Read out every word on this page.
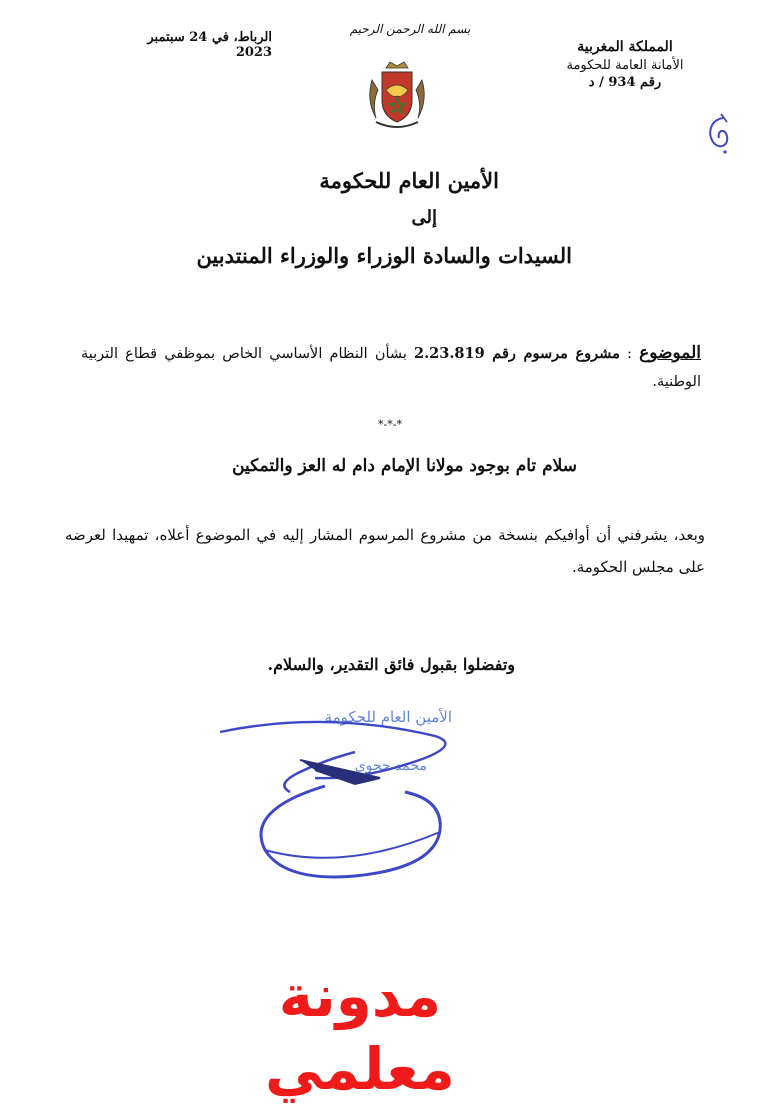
المملكة المغربية
الأمانة العامة للحكومة
رقم 934 / د
بسم الله الرحمن الرحيم
الرباط، في 24 سبتمبر 2023
الأمين العام للحكومة
إلى
السيدات والسادة الوزراء والوزراء المنتدبين
الموضوع : مشروع مرسوم رقم 2.23.819 بشأن النظام الأساسي الخاص بموظفي قطاع التربية الوطنية.
*-*-*
سلام تام بوجود مولانا الإمام دام له العز والتمكين
وبعد، يشرفني أن أوافيكم بنسخة من مشروع المرسوم المشار إليه في الموضوع أعلاه، تمهيدا لعرضه على مجلس الحكومة.
وتفضلوا بقبول فائق التقدير، والسلام.
الأمين العام للحكومة
محمد حجوي
مدونة
معلمي
